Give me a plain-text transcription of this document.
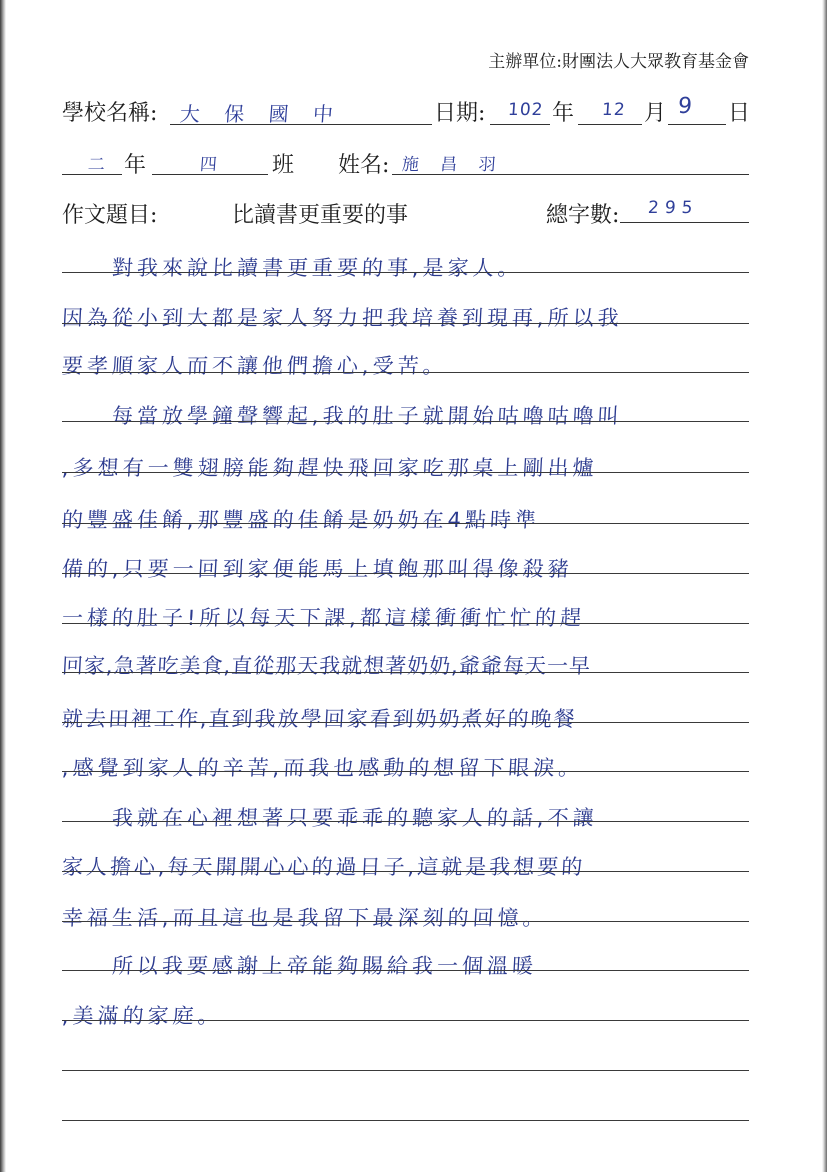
主辦單位:財團法人大眾教育基金會
學校名稱: 大 保 國 中	日期: 102 年 12 月 9 日
二 年	四 班 姓名: 施 昌 羽
作文題目:	比讀書更重要的事	總字數: 295
　　對我來說比讀書更重要的事,是家人。
因為從小到大都是家人努力把我培養到現再,所以我
要孝順家人而不讓他們擔心,受苦。
　　每當放學鐘聲響起,我的肚子就開始咕嚕咕嚕叫
,多想有一雙翅膀能夠趕快飛回家吃那桌上剛出爐
的豐盛佳餚,那豐盛的佳餚是奶奶在4點時準
備的,只要一回到家便能馬上填飽那叫得像殺豬
一樣的肚子!所以每天下課,都這樣衝衝忙忙的趕
回家,急著吃美食,直從那天我就想著奶奶,爺爺每天一早
就去田裡工作,直到我放學回家看到奶奶煮好的晚餐
,感覺到家人的辛苦,而我也感動的想留下眼淚。
　　我就在心裡想著只要乖乖的聽家人的話,不讓
家人擔心,每天開開心心的過日子,這就是我想要的
幸福生活,而且這也是我留下最深刻的回憶。
　　所以我要感謝上帝能夠賜給我一個溫暖
,美滿的家庭。
